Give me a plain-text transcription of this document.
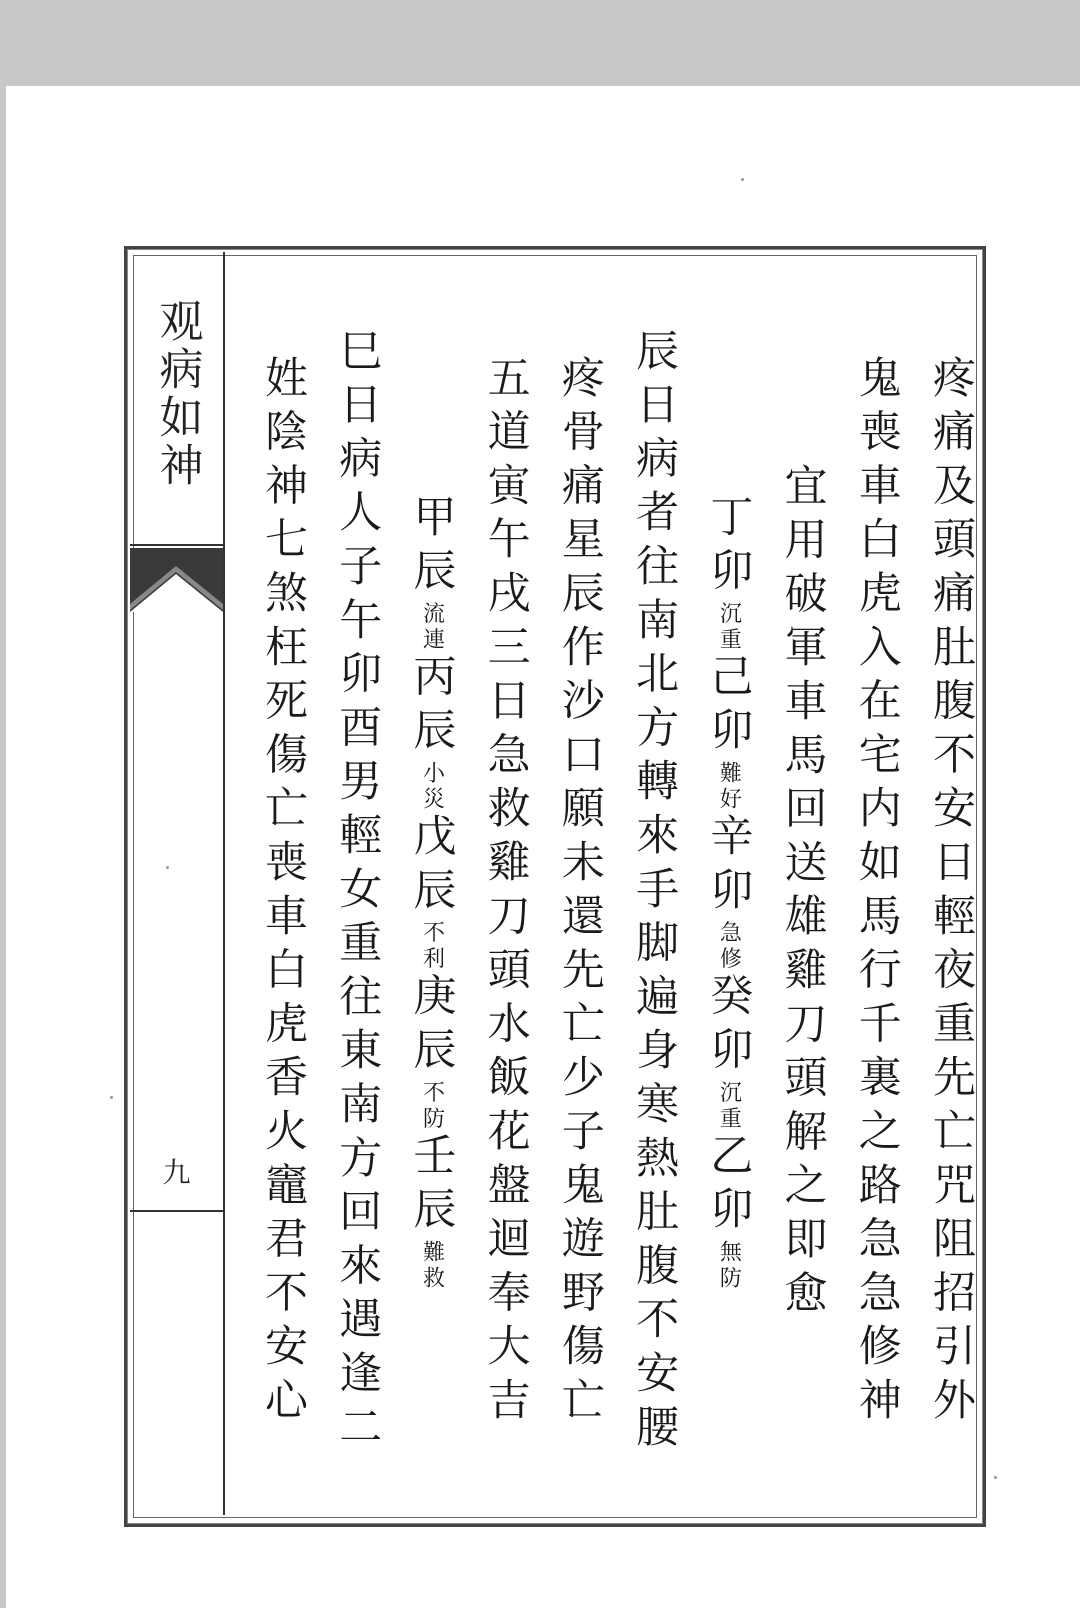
观病如神
九	疼痛及頭痛肚腹不安日輕夜重先亡咒阻招引外
鬼喪車白虎入在宅内如馬行千裏之路急急修神
宜用破軍車馬回送雄雞刀頭解之即愈
丁卯沉重己卯難好辛卯急修癸卯沉重乙卯無防
辰日病者往南北方轉來手脚遍身寒熱肚腹不安腰
疼骨痛星辰作沙口願未還先亡少子鬼遊野傷亡
五道寅午戌三日急救雞刀頭水飯花盤迴奉大吉
甲辰流連丙辰小災戊辰不利庚辰不防壬辰難救
巳日病人子午卯酉男輕女重往東南方回來遇逢二
姓陰神七煞枉死傷亡喪車白虎香火竈君不安心
